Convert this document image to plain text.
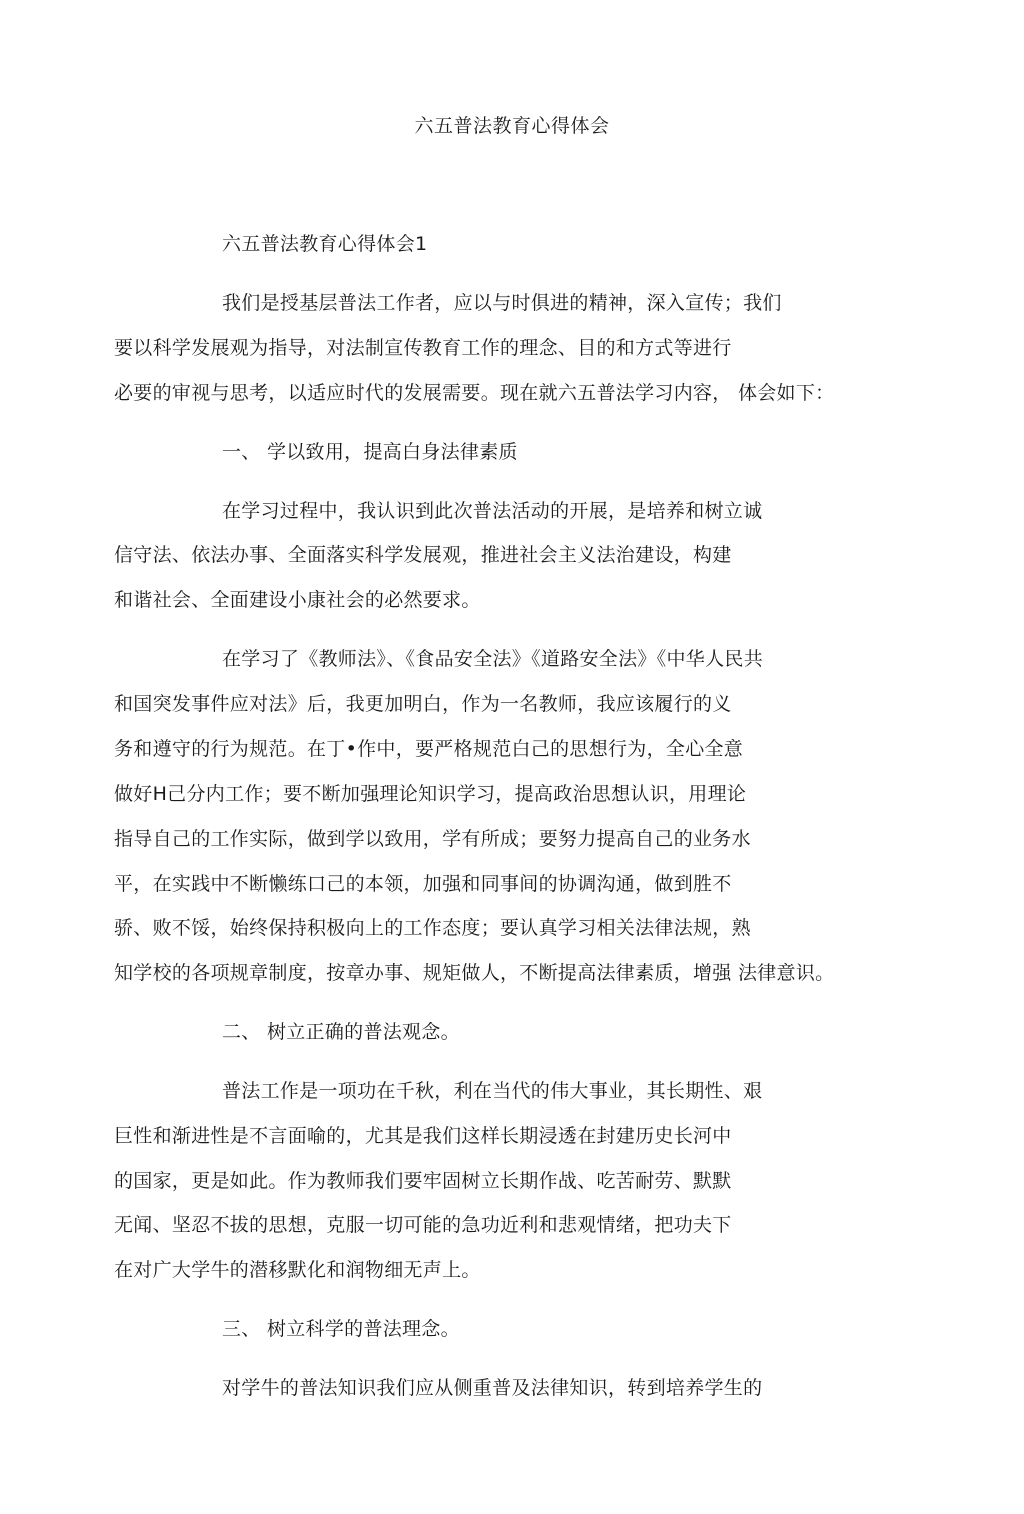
六五普法教育心得体会
六五普法教育心得体会1
我们是授基层普法工作者，应以与时俱进的精神，深入宣传；我们
要以科学发展观为指导，对法制宣传教育工作的理念、目的和方式等进行
必要的审视与思考，以适应时代的发展需要。现在就六五普法学习内容， 体会如下：
一、 学以致用，提高白身法律素质
在学习过程中，我认识到此次普法活动的开展，是培养和树立诚
信守法、依法办事、全面落实科学发展观，推进社会主义法治建设，构建
和谐社会、全面建设小康社会的必然要求。
在学习了《教师法》、《食品安全法》《道路安全法》《中华人民共
和国突发事件应对法》后，我更加明白，作为一名教师，我应该履行的义
务和遵守的行为规范。在丁•作中，要严格规范白己的思想行为，全心全意
做好H己分内工作；要不断加强理论知识学习，提高政治思想认识，用理论
指导自己的工作实际，做到学以致用，学有所成；要努力提高自己的业务水
平，在实践中不断懒练口己的本领，加强和同事间的协调沟通，做到胜不
骄、败不馁，始终保持积极向上的工作态度；要认真学习相关法律法规，熟
知学校的各项规章制度，按章办事、规矩做人，不断提高法律素质，增强 法律意识。
二、 树立正确的普法观念。
普法工作是一项功在千秋，利在当代的伟大事业，其长期性、艰
巨性和渐进性是不言面喻的，尤其是我们这样长期浸透在封建历史长河中
的国家，更是如此。作为教师我们要牢固树立长期作战、吃苦耐劳、默默
无闻、坚忍不拔的思想，克服一切可能的急功近利和悲观情绪，把功夫下
在对广大学牛的潜移默化和润物细无声上。
三、 树立科学的普法理念。
对学牛的普法知识我们应从侧重普及法律知识，转到培养学生的
